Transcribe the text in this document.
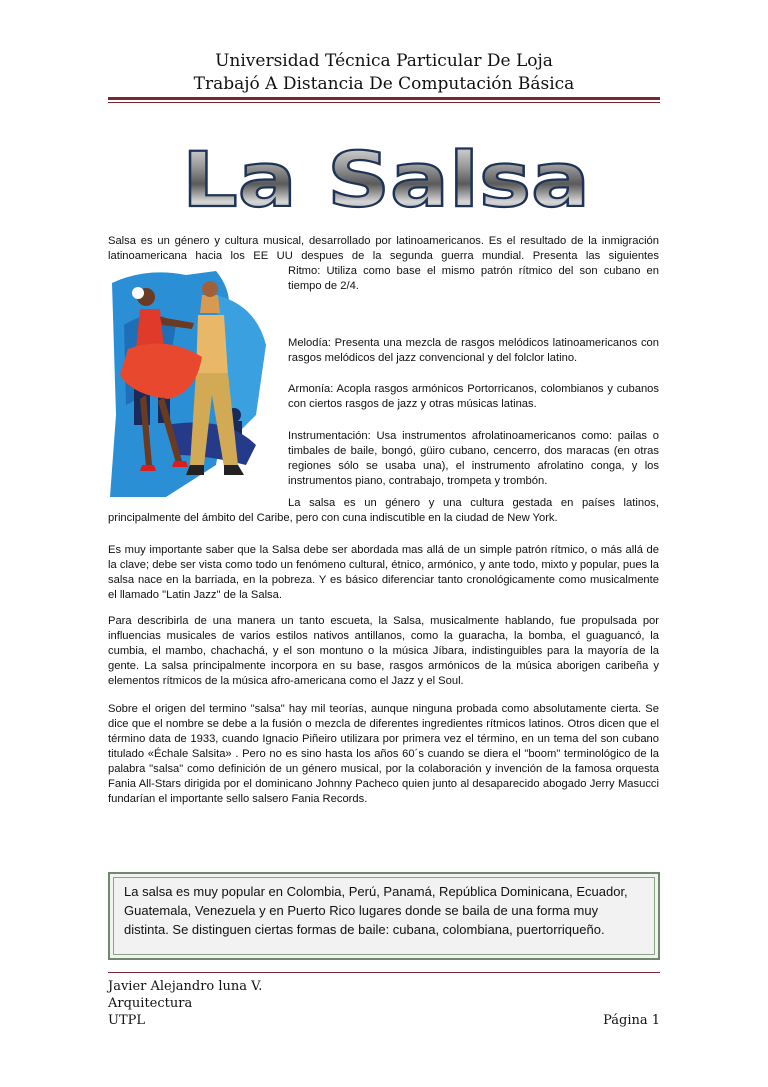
Universidad Técnica Particular De Loja
Trabajó A Distancia De Computación Básica
La Salsa
Salsa es un género y cultura musical, desarrollado por latinoamericanos. Es el resultado de la inmigración latinoamericana hacia los EE UU despues de la segunda guerra mundial. Presenta las siguientes
Ritmo: Utiliza como base el mismo patrón rítmico del son cubano en tiempo de 2/4.
Melodía: Presenta una mezcla de rasgos melódicos latinoamericanos con rasgos melódicos del jazz convencional y del folclor latino.
Armonía: Acopla rasgos armónicos Portorricanos, colombianos y cubanos con ciertos rasgos de jazz y otras músicas latinas.
Instrumentación: Usa instrumentos afrolatinoamericanos como: pailas o timbales de baile, bongó, güiro cubano, cencerro, dos maracas (en otras regiones sólo se usaba una), el instrumento afrolatino conga, y los instrumentos piano, contrabajo, trompeta y trombón.
La salsa es un género y una cultura gestada en países latinos, principalmente del ámbito del Caribe, pero con cuna indiscutible en la ciudad de New York.
Es muy importante saber que la Salsa debe ser abordada mas allá de un simple patrón rítmico, o más allá de la clave; debe ser vista como todo un fenómeno cultural, étnico, armónico, y ante todo, mixto y popular, pues la salsa nace en la barriada, en la pobreza. Y es básico diferenciar tanto cronológicamente como musicalmente el llamado "Latin Jazz" de la Salsa.
Para describirla de una manera un tanto escueta, la Salsa, musicalmente hablando, fue propulsada por influencias musicales de varios estilos nativos antillanos, como la guaracha, la bomba, el guaguancó, la cumbia, el mambo, chachachá, y el son montuno o la música Jíbara, indistinguibles para la mayoría de la gente. La salsa principalmente incorpora en su base, rasgos armónicos de la música aborigen caribeña y elementos rítmicos de la música afro-americana como el Jazz y el Soul.
Sobre el origen del termino "salsa" hay mil teorías, aunque ninguna probada como absolutamente cierta. Se dice que el nombre se debe a la fusión o mezcla de diferentes ingredientes rítmicos latinos. Otros dicen que el término data de 1933, cuando Ignacio Piñeiro utilizara por primera vez el término, en un tema del son cubano titulado «Échale Salsita» . Pero no es sino hasta los años 60´s cuando se diera el "boom" terminológico de la palabra "salsa" como definición de un género musical, por la colaboración y invención de la famosa orquesta Fania All-Stars dirigida por el dominicano Johnny Pacheco quien junto al desaparecido abogado Jerry Masucci fundarían el importante sello salsero Fania Records.
La salsa es muy popular en Colombia, Perú, Panamá, República Dominicana, Ecuador, Guatemala, Venezuela y en Puerto Rico lugares donde se baila de una forma muy distinta. Se distinguen ciertas formas de baile: cubana, colombiana, puertorriqueño.
Javier Alejandro luna V.
Arquitectura
UTPL	Página 1
